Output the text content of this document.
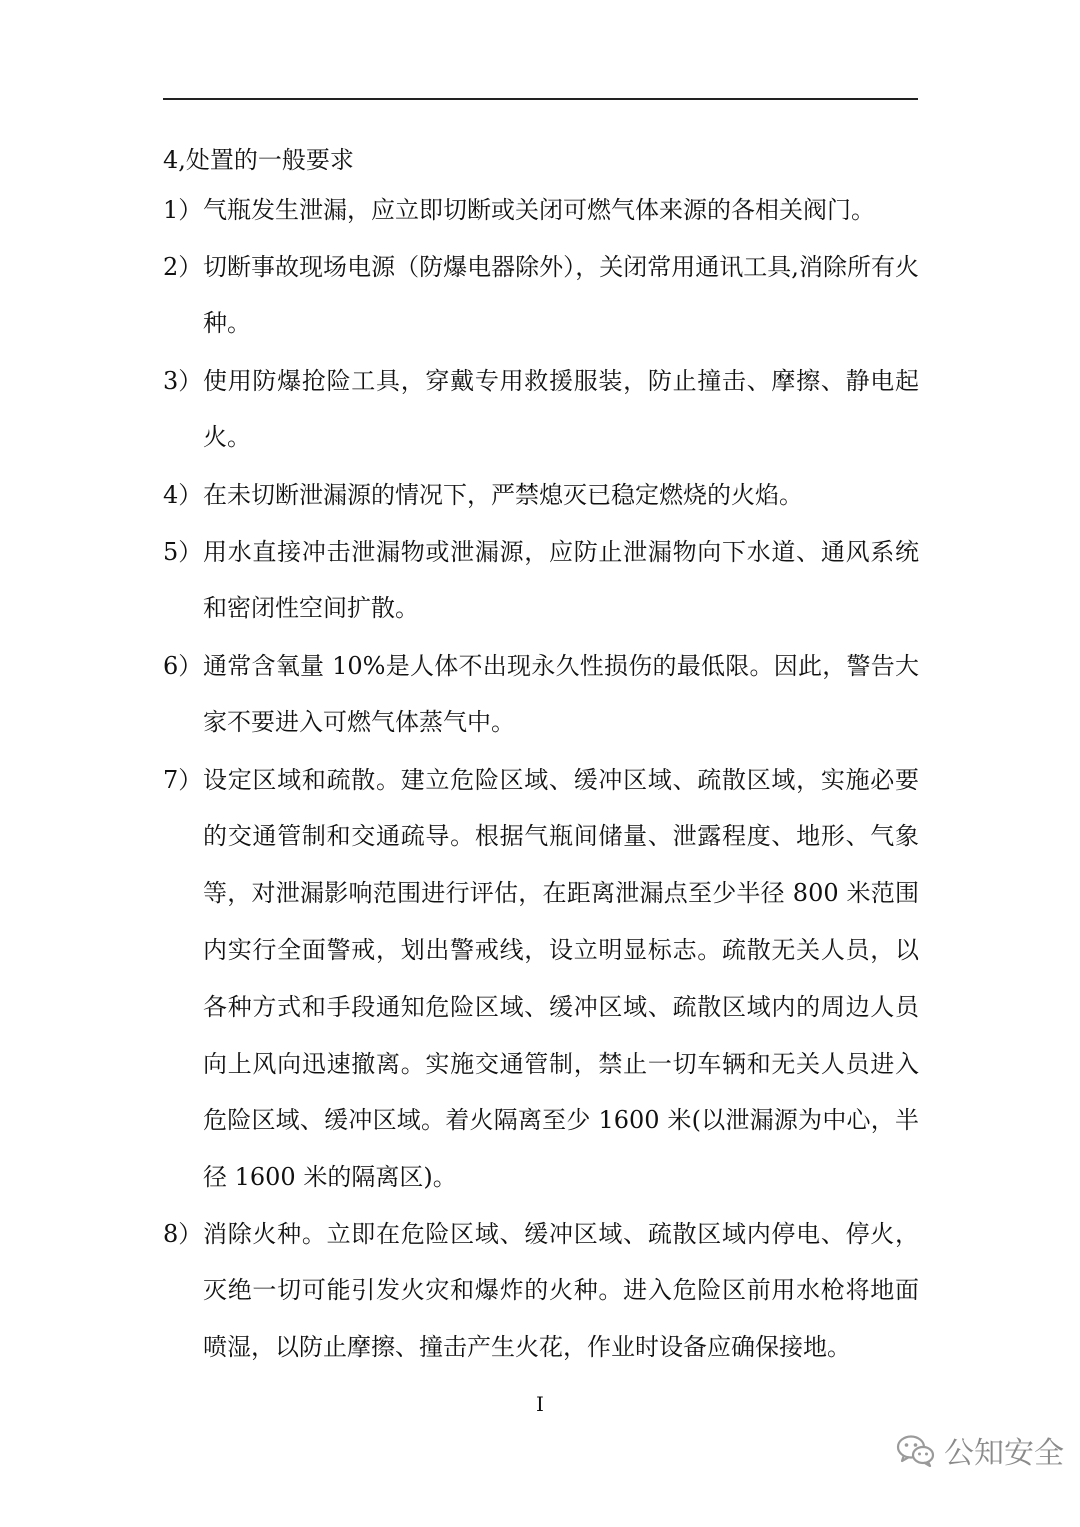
4,处置的一般要求
1） 气瓶发生泄漏，应立即切断或关闭可燃气体来源的各相关阀门。
2） 切断事故现场电源（防爆电器除外），关闭常用通讯工具,消除所有火种。
3） 使用防爆抢险工具，穿戴专用救援服装，防止撞击、摩擦、静电起火。
4） 在未切断泄漏源的情况下，严禁熄灭已稳定燃烧的火焰。
5） 用水直接冲击泄漏物或泄漏源，应防止泄漏物向下水道、通风系统和密闭性空间扩散。
6） 通常含氧量 10%是人体不出现永久性损伤的最低限。因此，警告大家不要进入可燃气体蒸气中。
7） 设定区域和疏散。建立危险区域、缓冲区域、疏散区域，实施必要的交通管制和交通疏导。根据气瓶间储量、泄露程度、地形、气象等，对泄漏影响范围进行评估，在距离泄漏点至少半径 800 米范围内实行全面警戒，划出警戒线，设立明显标志。疏散无关人员，以各种方式和手段通知危险区域、缓冲区域、疏散区域内的周边人员向上风向迅速撤离。实施交通管制，禁止一切车辆和无关人员进入危险区域、缓冲区域。着火隔离至少 1600 米(以泄漏源为中心，半径 1600 米的隔离区)。
8） 消除火种。立即在危险区域、缓冲区域、疏散区域内停电、停火，灭绝一切可能引发火灾和爆炸的火种。进入危险区前用水枪将地面喷湿，以防止摩擦、撞击产生火花，作业时设备应确保接地。
I
公知安全
